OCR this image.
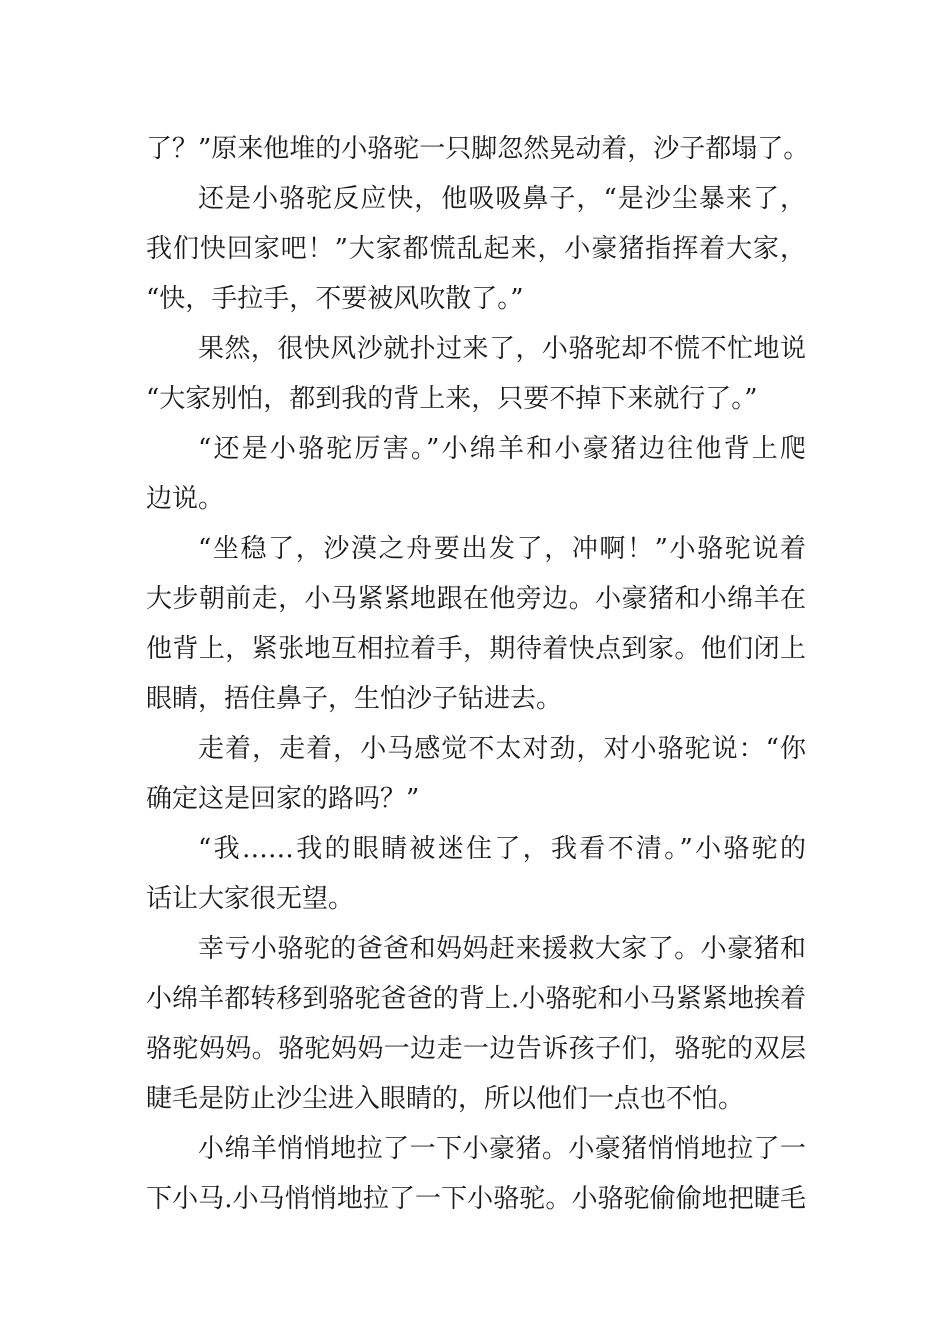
了？”原来他堆的小骆驼一只脚忽然晃动着，沙子都塌了。
还是小骆驼反应快，他吸吸鼻子，“是沙尘暴来了，
我们快回家吧！”大家都慌乱起来，小豪猪指挥着大家，
“快，手拉手，不要被风吹散了。”
果然，很快风沙就扑过来了，小骆驼却不慌不忙地说
“大家别怕，都到我的背上来，只要不掉下来就行了。”
“还是小骆驼厉害。”小绵羊和小豪猪边往他背上爬
边说。
“坐稳了，沙漠之舟要出发了，冲啊！”小骆驼说着
大步朝前走，小马紧紧地跟在他旁边。小豪猪和小绵羊在
他背上，紧张地互相拉着手，期待着快点到家。他们闭上
眼睛，捂住鼻子，生怕沙子钻进去。
走着，走着，小马感觉不太对劲，对小骆驼说：“你
确定这是回家的路吗？”
“我……我的眼睛被迷住了，我看不清。”小骆驼的
话让大家很无望。
幸亏小骆驼的爸爸和妈妈赶来援救大家了。小豪猪和
小绵羊都转移到骆驼爸爸的背上.小骆驼和小马紧紧地挨着
骆驼妈妈。骆驼妈妈一边走一边告诉孩子们，骆驼的双层
睫毛是防止沙尘进入眼睛的，所以他们一点也不怕。
小绵羊悄悄地拉了一下小豪猪。小豪猪悄悄地拉了一
下小马.小马悄悄地拉了一下小骆驼。小骆驼偷偷地把睫毛
